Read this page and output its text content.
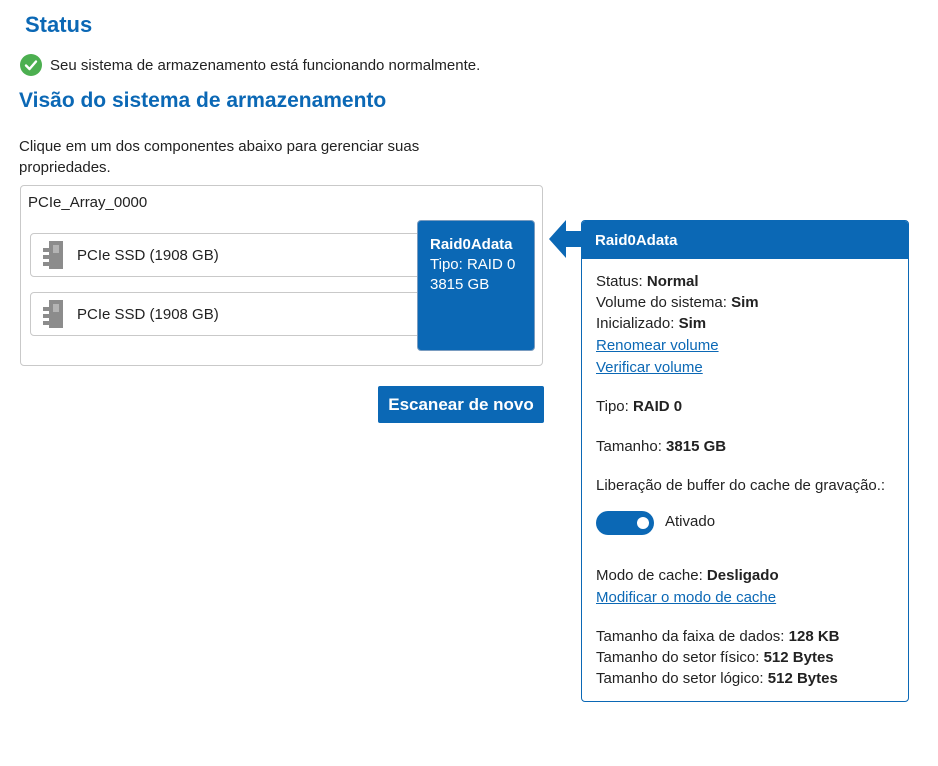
Status
Seu sistema de armazenamento está funcionando normalmente.
Visão do sistema de armazenamento
Clique em um dos componentes abaixo para gerenciar suas propriedades.
PCIe_Array_0000
PCIe SSD (1908 GB)
PCIe SSD (1908 GB)
Raid0Adata
Tipo: RAID 0
3815 GB
Escanear de novo
Raid0Adata
Status: Normal
Volume do sistema: Sim
Inicializado: Sim
Renomear volume
Verificar volume
Tipo: RAID 0
Tamanho: 3815 GB
Liberação de buffer do cache de gravação.:
Ativado
Modo de cache: Desligado
Modificar o modo de cache
Tamanho da faixa de dados: 128 KB
Tamanho do setor físico: 512 Bytes
Tamanho do setor lógico: 512 Bytes
